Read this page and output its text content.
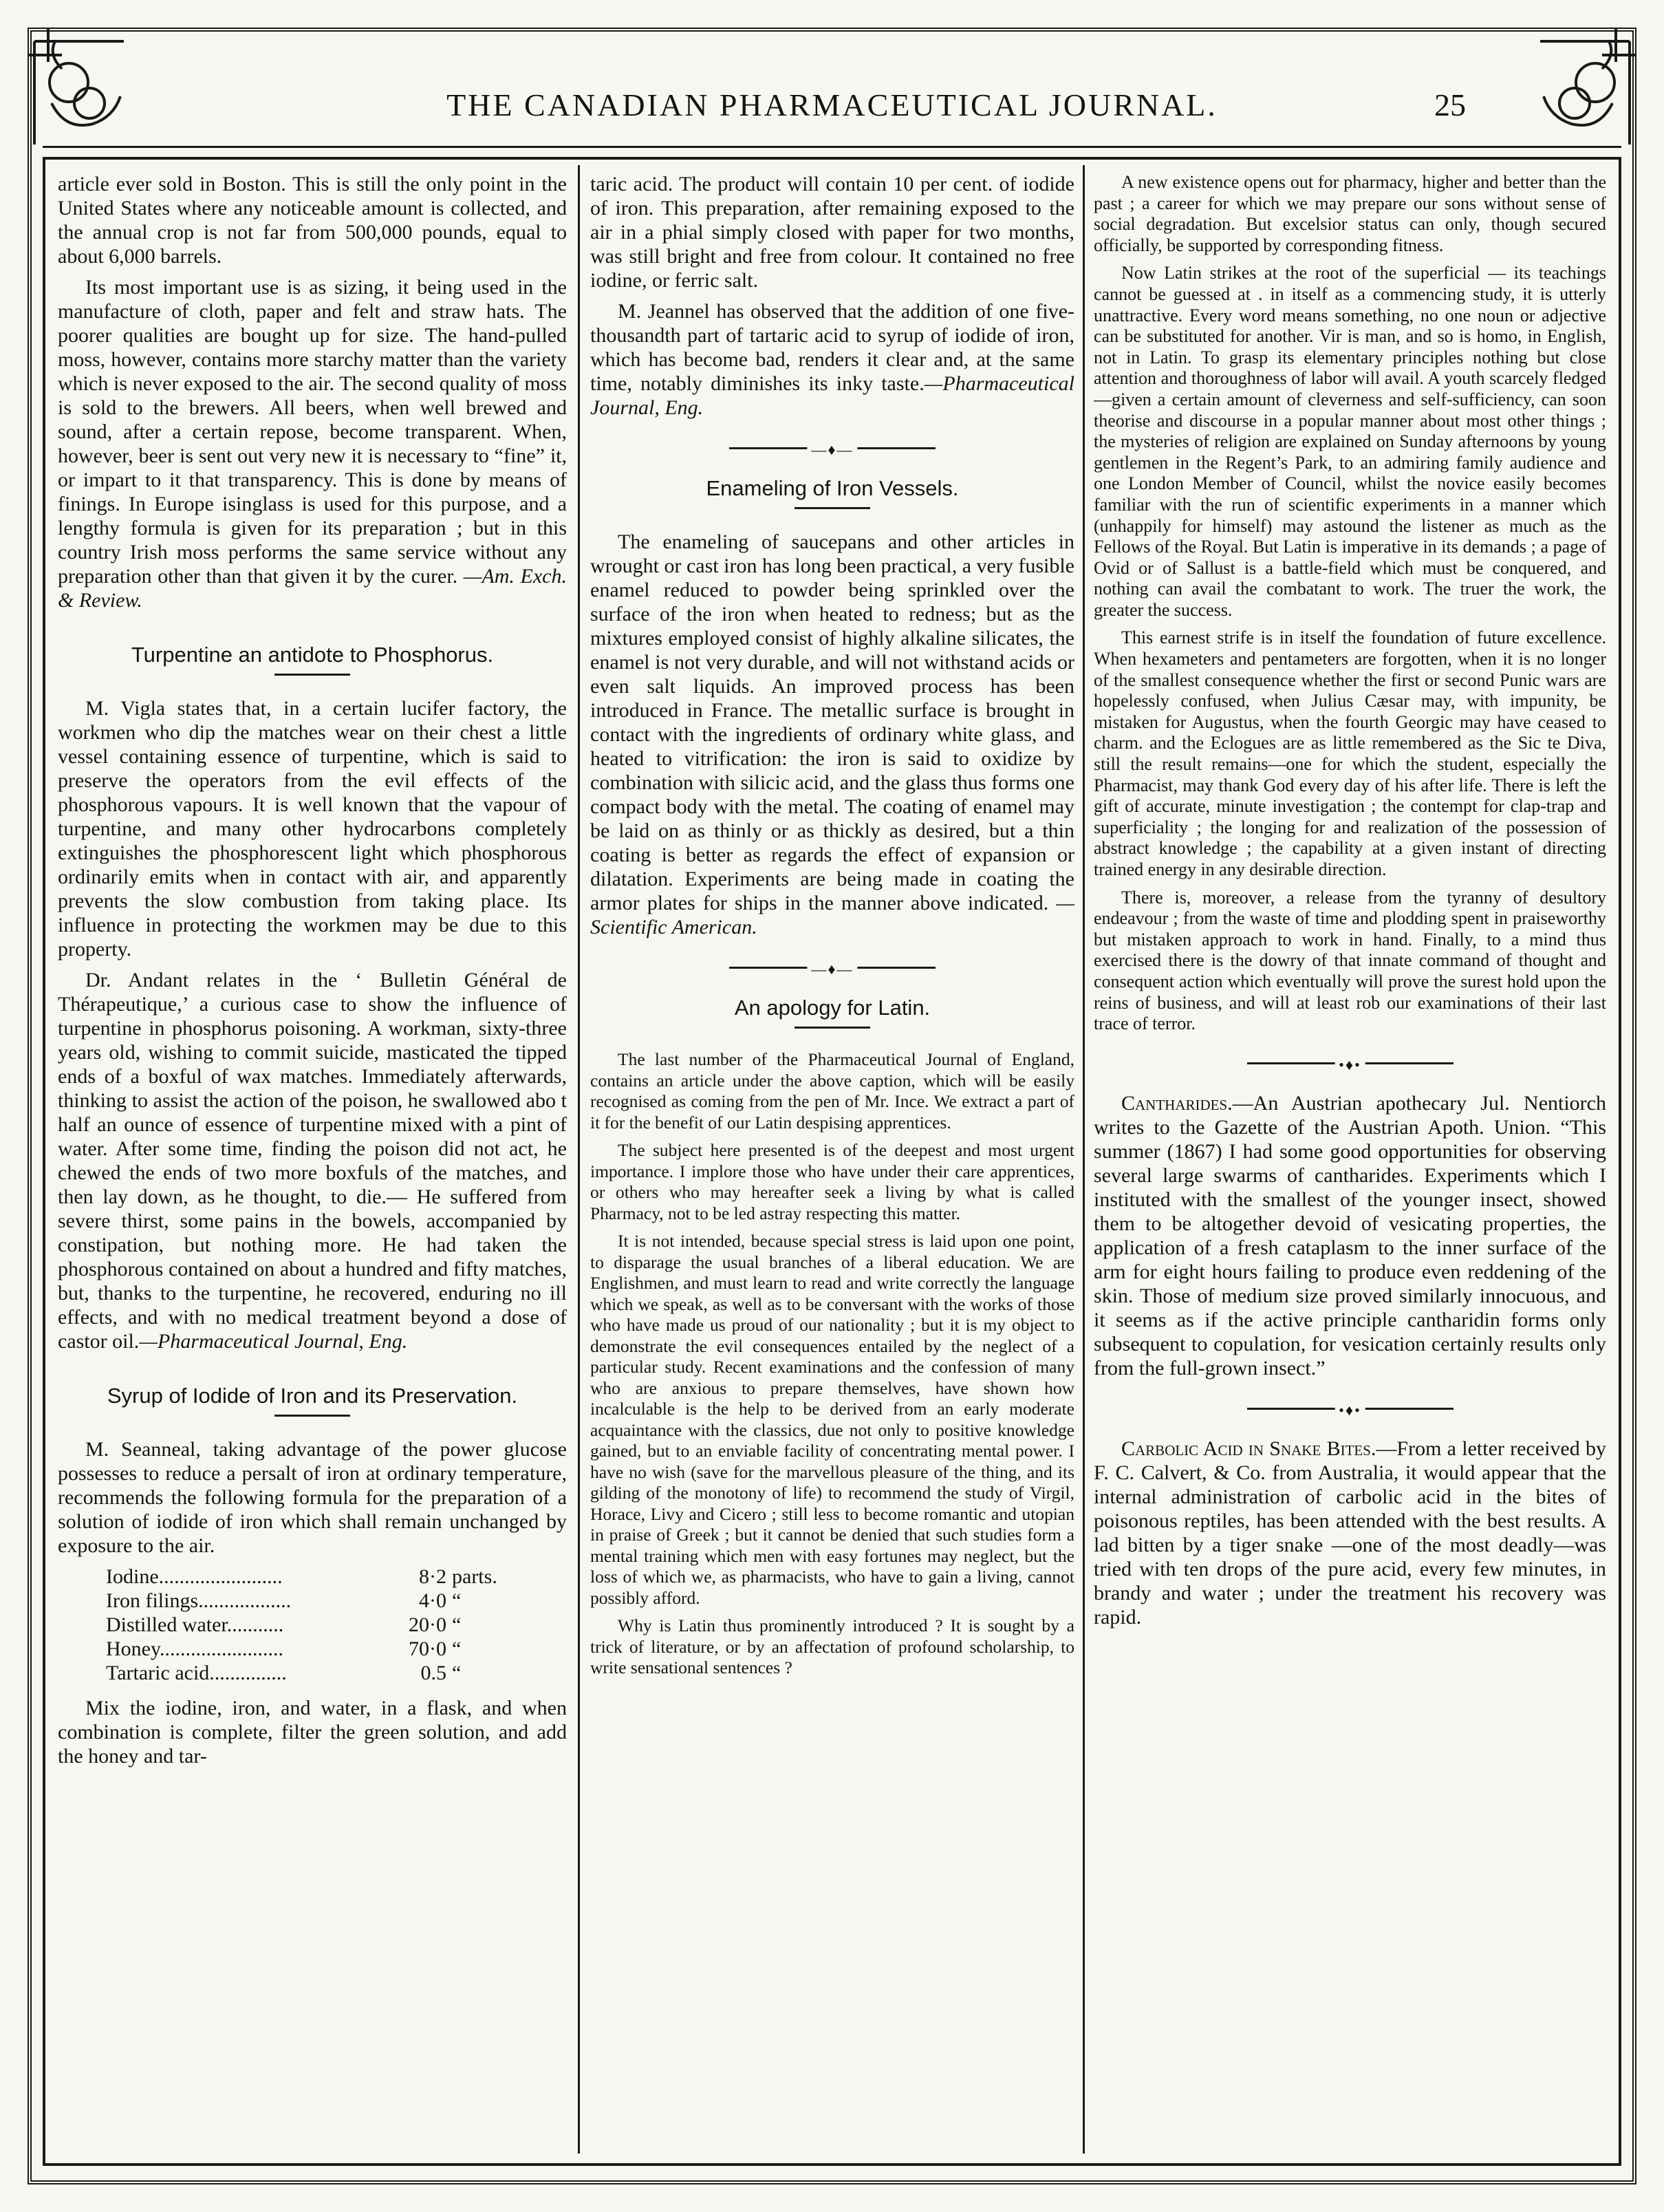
THE CANADIAN PHARMACEUTICAL JOURNAL.	25

article ever sold in Boston. This is still the only point in the United States where any noticeable amount is collected, and the annual crop is not far from 500,000 pounds, equal to about 6,000 barrels.

Its most important use is as sizing, it being used in the manufacture of cloth, paper and felt and straw hats. The poorer qualities are bought up for size. The hand-pulled moss, however, contains more starchy matter than the variety which is never exposed to the air. The second quality of moss is sold to the brewers. All beers, when well brewed and sound, after a certain repose, become transparent. When, however, beer is sent out very new it is necessary to “fine” it, or impart to it that transparency. This is done by means of finings. In Europe isinglass is used for this purpose, and a lengthy formula is given for its preparation ; but in this country Irish moss performs the same service without any preparation other than that given it by the curer. —Am. Exch. & Review.

Turpentine an antidote to Phosphorus.

M. Vigla states that, in a certain lucifer factory, the workmen who dip the matches wear on their chest a little vessel containing essence of turpentine, which is said to preserve the operators from the evil effects of the phosphorous vapours. It is well known that the vapour of turpentine, and many other hydrocarbons completely extinguishes the phosphorescent light which phosphorous ordinarily emits when in contact with air, and apparently prevents the slow combustion from taking place. Its influence in protecting the workmen may be due to this property.

Dr. Andant relates in the ‘ Bulletin Général de Thérapeutique,’ a curious case to show the influence of turpentine in phosphorus poisoning. A workman, sixty-three years old, wishing to commit suicide, masticated the tipped ends of a boxful of wax matches. Immediately afterwards, thinking to assist the action of the poison, he swallowed abo t half an ounce of essence of turpentine mixed with a pint of water. After some time, finding the poison did not act, he chewed the ends of two more boxfuls of the matches, and then lay down, as he thought, to die.— He suffered from severe thirst, some pains in the bowels, accompanied by constipation, but nothing more. He had taken the phosphorous contained on about a hundred and fifty matches, but, thanks to the turpentine, he recovered, enduring no ill effects, and with no medical treatment beyond a dose of castor oil.—Pharmaceutical Journal, Eng.

Syrup of Iodide of Iron and its Preservation.

M. Seanneal, taking advantage of the power glucose possesses to reduce a persalt of iron at ordinary temperature, recommends the following formula for the preparation of a solution of iodide of iron which shall remain unchanged by exposure to the air.

Iodine........................	8·2 parts.
Iron filings..................	4·0 “
Distilled water...........	20·0 “
Honey........................	70·0 “
Tartaric acid...............	0.5 “

Mix the iodine, iron, and water, in a flask, and when combination is complete, filter the green solution, and add the honey and tar-

taric acid. The product will contain 10 per cent. of iodide of iron. This preparation, after remaining exposed to the air in a phial simply closed with paper for two months, was still bright and free from colour. It contained no free iodine, or ferric salt.

M. Jeannel has observed that the addition of one five-thousandth part of tartaric acid to syrup of iodide of iron, which has become bad, renders it clear and, at the same time, notably diminishes its inky taste.—Pharmaceutical Journal, Eng.

—♦—
Enameling of Iron Vessels.

The enameling of saucepans and other articles in wrought or cast iron has long been practical, a very fusible enamel reduced to powder being sprinkled over the surface of the iron when heated to redness; but as the mixtures employed consist of highly alkaline silicates, the enamel is not very durable, and will not withstand acids or even salt liquids. An improved process has been introduced in France. The metallic surface is brought in contact with the ingredients of ordinary white glass, and heated to vitrification: the iron is said to oxidize by combination with silicic acid, and the glass thus forms one compact body with the metal. The coating of enamel may be laid on as thinly or as thickly as desired, but a thin coating is better as regards the effect of expansion or dilatation. Experiments are being made in coating the armor plates for ships in the manner above indicated. — Scientific American.

—♦—
An apology for Latin.

The last number of the Pharmaceutical Journal of England, contains an article under the above caption, which will be easily recognised as coming from the pen of Mr. Ince. We extract a part of it for the benefit of our Latin despising apprentices.

The subject here presented is of the deepest and most urgent importance. I implore those who have under their care apprentices, or others who may hereafter seek a living by what is called Pharmacy, not to be led astray respecting this matter.

It is not intended, because special stress is laid upon one point, to disparage the usual branches of a liberal education. We are Englishmen, and must learn to read and write correctly the language which we speak, as well as to be conversant with the works of those who have made us proud of our nationality ; but it is my object to demonstrate the evil consequences entailed by the neglect of a particular study. Recent examinations and the confession of many who are anxious to prepare themselves, have shown how incalculable is the help to be derived from an early moderate acquaintance with the classics, due not only to positive knowledge gained, but to an enviable facility of concentrating mental power. I have no wish (save for the marvellous pleasure of the thing, and its gilding of the monotony of life) to recommend the study of Virgil, Horace, Livy and Cicero ; still less to become romantic and utopian in praise of Greek ; but it cannot be denied that such studies form a mental training which men with easy fortunes may neglect, but the loss of which we, as pharmacists, who have to gain a living, cannot possibly afford.

Why is Latin thus prominently introduced ? It is sought by a trick of literature, or by an affectation of profound scholarship, to write sensational sentences ?

A new existence opens out for pharmacy, higher and better than the past ; a career for which we may prepare our sons without sense of social degradation. But excelsior status can only, though secured officially, be supported by corresponding fitness.

Now Latin strikes at the root of the superficial — its teachings cannot be guessed at . in itself as a commencing study, it is utterly unattractive. Every word means something, no one noun or adjective can be substituted for another. Vir is man, and so is homo, in English, not in Latin. To grasp its elementary principles nothing but close attention and thoroughness of labor will avail. A youth scarcely fledged—given a certain amount of cleverness and self-sufficiency, can soon theorise and discourse in a popular manner about most other things ; the mysteries of religion are explained on Sunday afternoons by young gentlemen in the Regent’s Park, to an admiring family audience and one London Member of Council, whilst the novice easily becomes familiar with the run of scientific experiments in a manner which (unhappily for himself) may astound the listener as much as the Fellows of the Royal. But Latin is imperative in its demands ; a page of Ovid or of Sallust is a battle-field which must be conquered, and nothing can avail the combatant to work. The truer the work, the greater the success.

This earnest strife is in itself the foundation of future excellence. When hexameters and pentameters are forgotten, when it is no longer of the smallest consequence whether the first or second Punic wars are hopelessly confused, when Julius Cæsar may, with impunity, be mistaken for Augustus, when the fourth Georgic may have ceased to charm. and the Eclogues are as little remembered as the Sic te Diva, still the result remains—one for which the student, especially the Pharmacist, may thank God every day of his after life. There is left the gift of accurate, minute investigation ; the contempt for clap-trap and superficiality ; the longing for and realization of the possession of abstract knowledge ; the capability at a given instant of directing trained energy in any desirable direction.

There is, moreover, a release from the tyranny of desultory endeavour ; from the waste of time and plodding spent in praiseworthy but mistaken approach to work in hand. Finally, to a mind thus exercised there is the dowry of that innate command of thought and consequent action which eventually will prove the surest hold upon the reins of business, and will at least rob our examinations of their last trace of terror.

•♦•

Cantharides.—An Austrian apothecary Jul. Nentiorch writes to the Gazette of the Austrian Apoth. Union. “This summer (1867) I had some good opportunities for observing several large swarms of cantharides. Experiments which I instituted with the smallest of the younger insect, showed them to be altogether devoid of vesicating properties, the application of a fresh cataplasm to the inner surface of the arm for eight hours failing to produce even reddening of the skin. Those of medium size proved similarly innocuous, and it seems as if the active principle cantharidin forms only subsequent to copulation, for vesication certainly results only from the full-grown insect.”

•♦•

Carbolic Acid in Snake Bites.—From a letter received by F. C. Calvert, & Co. from Australia, it would appear that the internal administration of carbolic acid in the bites of poisonous reptiles, has been attended with the best results. A lad bitten by a tiger snake —one of the most deadly—was tried with ten drops of the pure acid, every few minutes, in brandy and water ; under the treatment his recovery was rapid.
